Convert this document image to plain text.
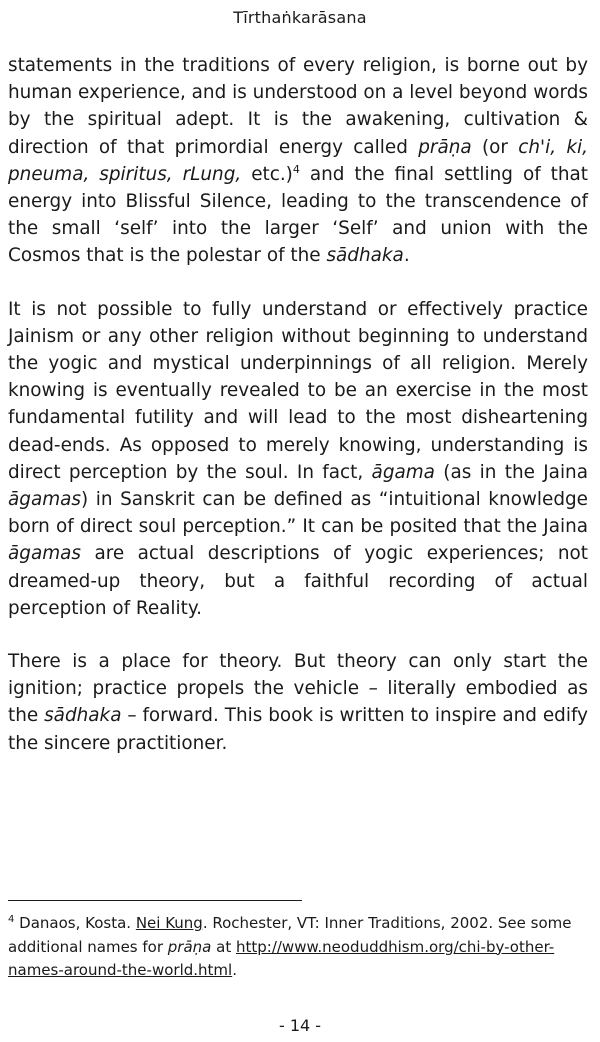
Tīrthaṅkarāsana

statements in the traditions of every religion, is borne out by human experience, and is understood on a level beyond words by the spiritual adept. It is the awakening, cultivation & direction of that primordial energy called prāṇa (or ch'i, ki, pneuma, spiritus, rLung, etc.)$^4$ and the final settling of that energy into Blissful Silence, leading to the transcendence of the small ‘self’ into the larger ‘Self’ and union with the Cosmos that is the polestar of the sādhaka.

It is not possible to fully understand or effectively practice Jainism or any other religion without beginning to understand the yogic and mystical underpinnings of all religion. Merely knowing is eventually revealed to be an exercise in the most fundamental futility and will lead to the most disheartening dead-ends. As opposed to merely knowing, understanding is direct perception by the soul. In fact, āgama (as in the Jaina āgamas) in Sanskrit can be defined as “intuitional knowledge born of direct soul perception.” It can be posited that the Jaina āgamas are actual descriptions of yogic experiences; not dreamed-up theory, but a faithful recording of actual perception of Reality.

There is a place for theory. But theory can only start the ignition; practice propels the vehicle – literally embodied as the sādhaka – forward. This book is written to inspire and edify the sincere practitioner.

$^4$ Danaos, Kosta. Nei Kung. Rochester, VT: Inner Traditions, 2002. See some additional names for prāṇa at http://www.neoduddhism.org/chi-by-other-names-around-the-world.html.
- 14 -
